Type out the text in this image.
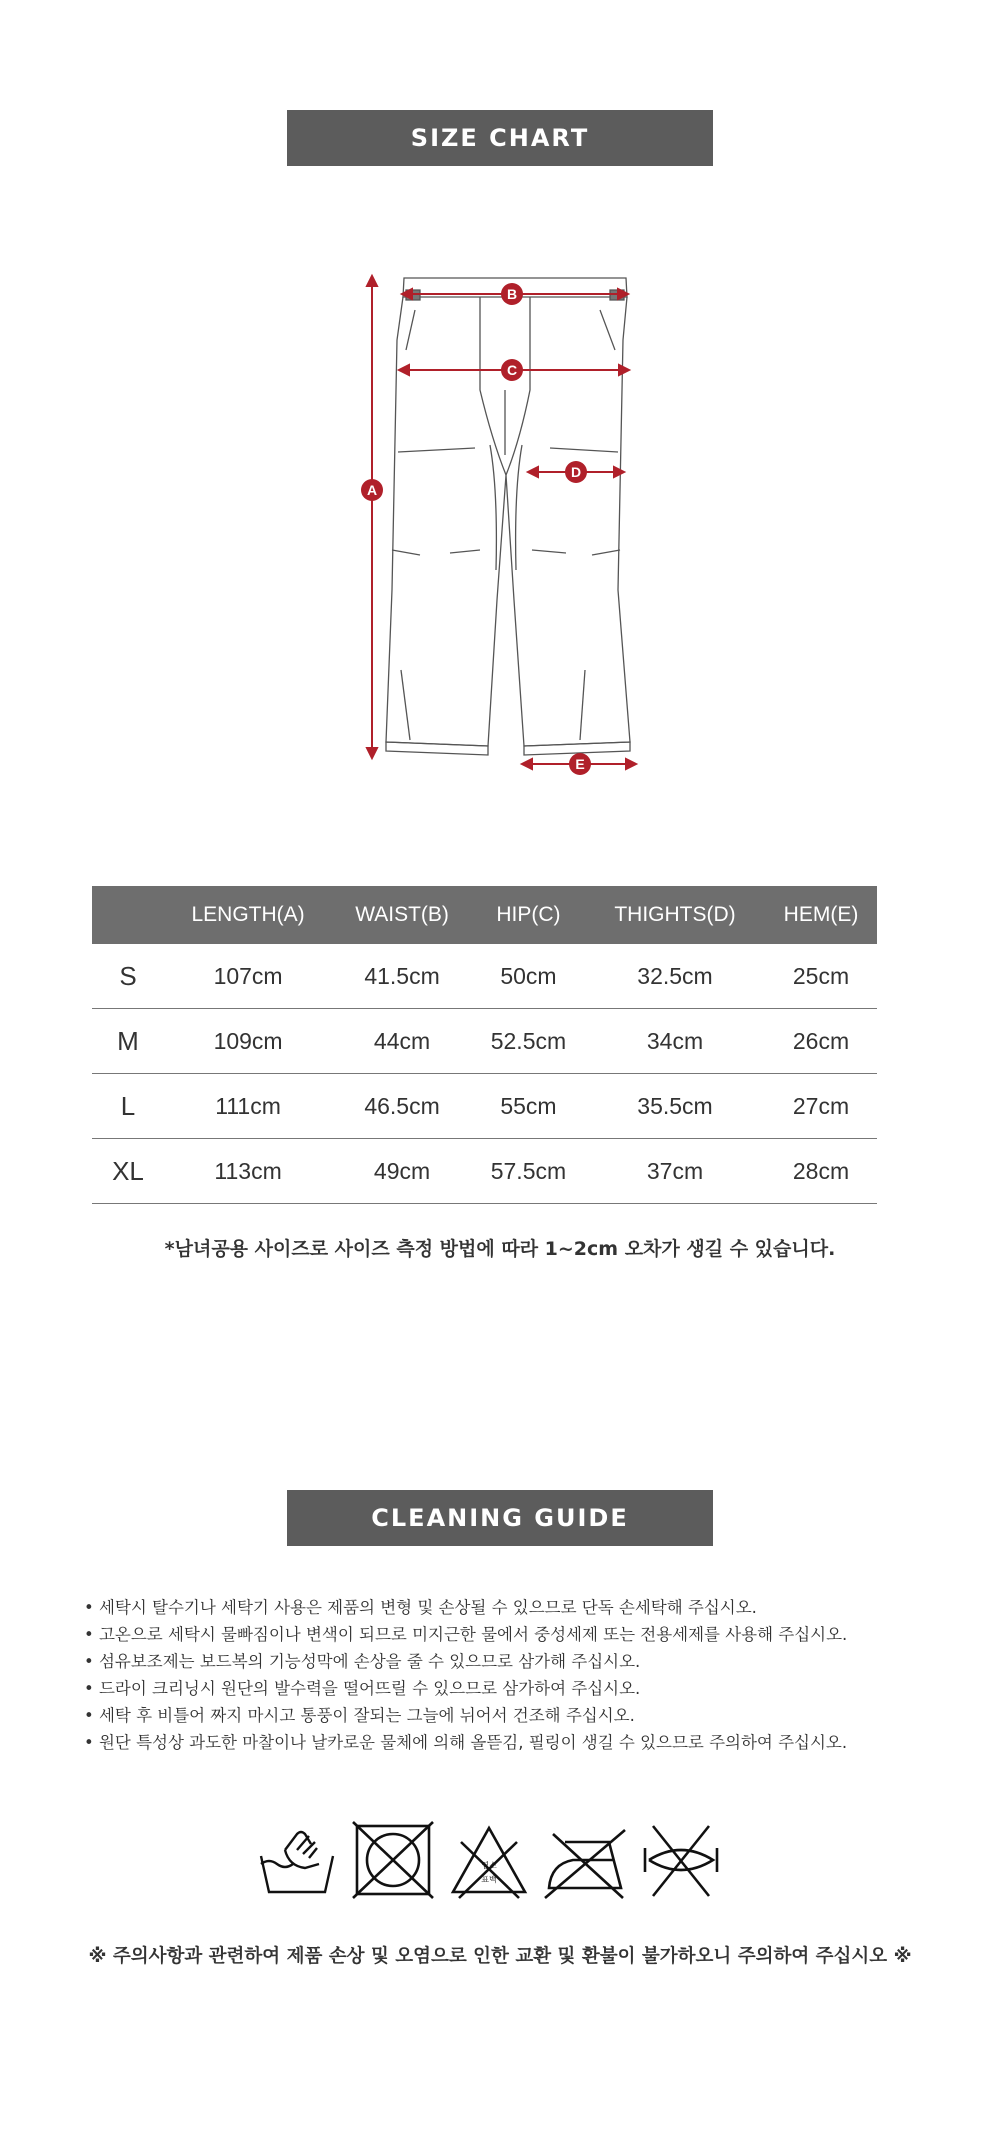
SIZE CHART
A
B
C
D
E
	LENGTH(A)	WAIST(B)	HIP(C)	THIGHTS(D)	HEM(E)
S	107cm	41.5cm	50cm	32.5cm	25cm
M	109cm	44cm	52.5cm	34cm	26cm
L	111cm	46.5cm	55cm	35.5cm	27cm
XL	113cm	49cm	57.5cm	37cm	28cm
*남녀공용 사이즈로 사이즈 측정 방법에 따라 1~2cm 오차가 생길 수 있습니다.
CLEANING GUIDE
• 세탁시 탈수기나 세탁기 사용은 제품의 변형 및 손상될 수 있으므로 단독 손세탁해 주십시오.
• 고온으로 세탁시 물빠짐이나 변색이 되므로 미지근한 물에서 중성세제 또는 전용세제를 사용해 주십시오.
• 섬유보조제는 보드복의 기능성막에 손상을 줄 수 있으므로 삼가해 주십시오.
• 드라이 크리닝시 원단의 발수력을 떨어뜨릴 수 있으므로 삼가하여 주십시오.
• 세탁 후 비틀어 짜지 마시고 통풍이 잘되는 그늘에 뉘어서 건조해 주십시오.
• 원단 특성상 과도한 마찰이나 날카로운 물체에 의해 올뜯김, 필링이 생길 수 있으므로 주의하여 주십시오.
염소
표백
※ 주의사항과 관련하여 제품 손상 및 오염으로 인한 교환 및 환불이 불가하오니 주의하여 주십시오 ※
